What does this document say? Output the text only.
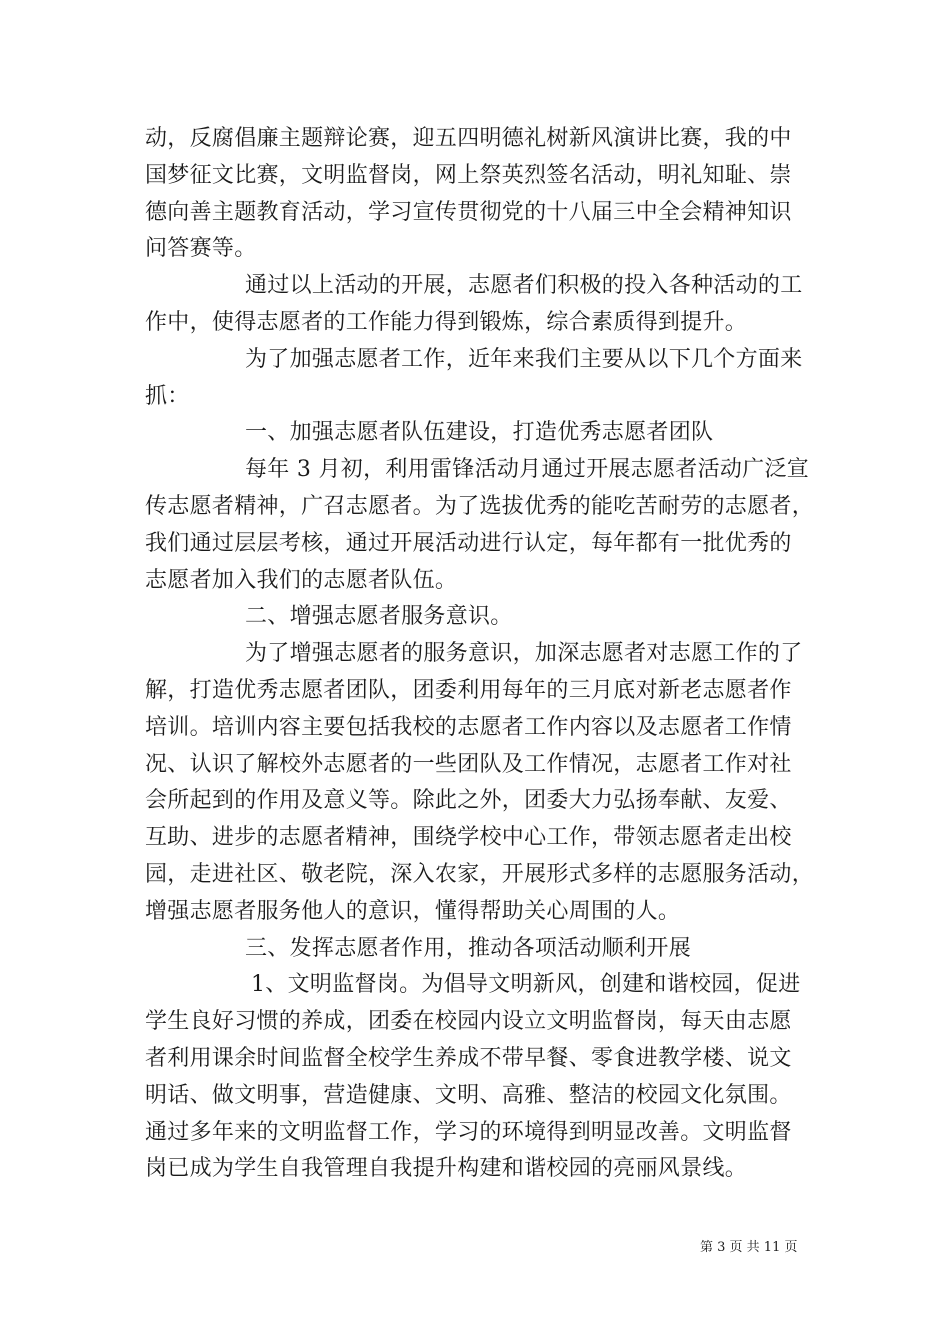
动，反腐倡廉主题辩论赛，迎五四明德礼树新风演讲比赛，我的中
国梦征文比赛，文明监督岗，网上祭英烈签名活动，明礼知耻、崇
德向善主题教育活动，学习宣传贯彻党的十八届三中全会精神知识
问答赛等。
通过以上活动的开展，志愿者们积极的投入各种活动的工
作中，使得志愿者的工作能力得到锻炼，综合素质得到提升。
为了加强志愿者工作，近年来我们主要从以下几个方面来
抓：
一、加强志愿者队伍建设，打造优秀志愿者团队
每年 3 月初，利用雷锋活动月通过开展志愿者活动广泛宣
传志愿者精神，广召志愿者。为了选拔优秀的能吃苦耐劳的志愿者，
我们通过层层考核，通过开展活动进行认定，每年都有一批优秀的
志愿者加入我们的志愿者队伍。
二、增强志愿者服务意识。
为了增强志愿者的服务意识，加深志愿者对志愿工作的了
解，打造优秀志愿者团队，团委利用每年的三月底对新老志愿者作
培训。培训内容主要包括我校的志愿者工作内容以及志愿者工作情
况、认识了解校外志愿者的一些团队及工作情况，志愿者工作对社
会所起到的作用及意义等。除此之外，团委大力弘扬奉献、友爱、
互助、进步的志愿者精神，围绕学校中心工作，带领志愿者走出校
园，走进社区、敬老院，深入农家，开展形式多样的志愿服务活动，
增强志愿者服务他人的意识，懂得帮助关心周围的人。
三、发挥志愿者作用，推动各项活动顺利开展
1、文明监督岗。为倡导文明新风，创建和谐校园，促进
学生良好习惯的养成，团委在校园内设立文明监督岗，每天由志愿
者利用课余时间监督全校学生养成不带早餐、零食进教学楼、说文
明话、做文明事，营造健康、文明、高雅、整洁的校园文化氛围。
通过多年来的文明监督工作，学习的环境得到明显改善。文明监督
岗已成为学生自我管理自我提升构建和谐校园的亮丽风景线。
第 3 页 共 11 页
